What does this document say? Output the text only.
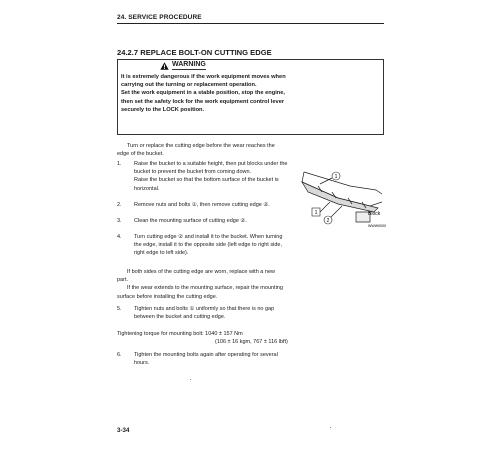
24. SERVICE PROCEDURE
24.2.7 REPLACE BOLT-ON CUTTING EDGE
WARNING
It is extremely dangerous if the work equipment moves when
carrying out the turning or replacement operation.
Set the work equipment in a stable position, stop the engine,
then set the safety lock for the work equipment control lever
securely to the LOCK position.
Turn or replace the cutting edge before the wear reaches the
edge of the bucket.
1. Raise the bucket to a suitable height, then put blocks under the
bucket to prevent the bucket from coming down.
Raise the bucket so that the bottom surface of the bucket is
horizontal.
2. Remove nuts and bolts ①, then remove cutting edge ②.
3. Clean the mounting surface of cutting edge ②.
4. Turn cutting edge ② and install it to the bucket. When turning
the edge, install it to the opposite side (left edge to right side,
right edge to left side).
If both sides of the cutting edge are worn, replace with a new
part.
If the wear extends to the mounting surface, repair the mounting
surface before installing the cutting edge.
5. Tighten nuts and bolts ① uniformly so that there is no gap
between the bucket and cutting edge.
Tightening torque for mounting bolt: 1040 ± 157 Nm
(106 ± 16 kgm, 767 ± 116 lbft)
6. Tighten the mounting bolts again after operating for several
hours.
1
1
2
Block
WWW0000
3-34
